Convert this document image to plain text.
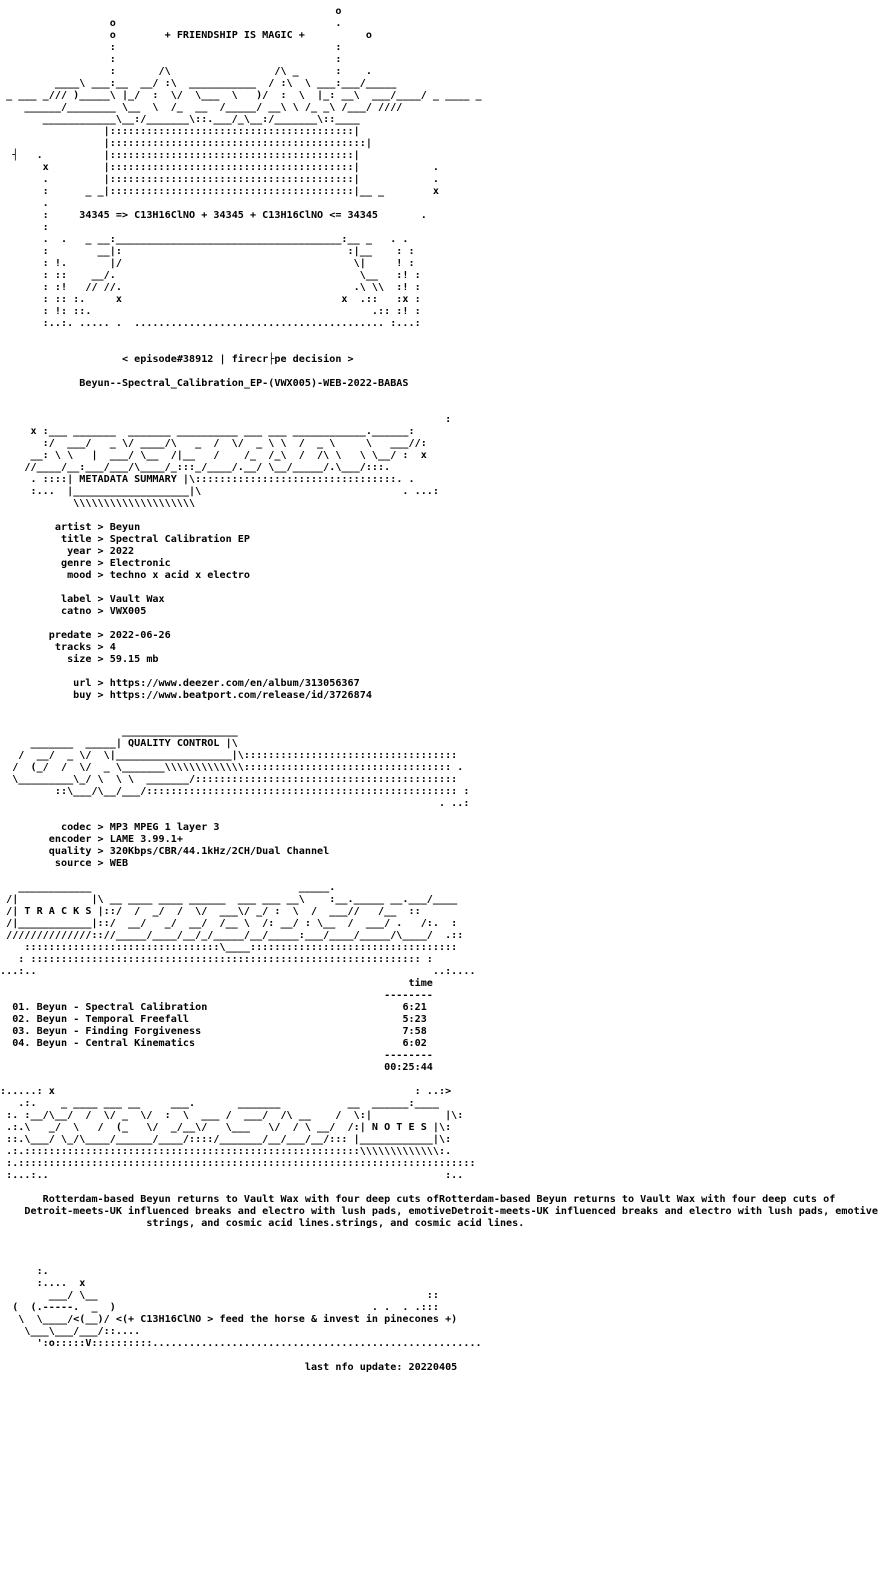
o
o                                    .
o	+ FRIENDSHIP IS MAGIC +	o
:                                    :
:                                    :
:       /\                 /\ _      :    .
____\ ___:__  __/ :\  ___________  / :\  \ ___:___/_____
_ ___ _/// )_____\ |_/  :  \/  \___  \   )/  :  \  |_: __\  ___/____/ _ ____ _
______/________ \__  \  /_  __  /_____/ __\ \ /_ _\ /___/ ////
____________\__:/_______\::.___/_\__:/_______\::____
|::::::::::::::::::::::::::::::::::::::::|
|::::::::::::::::::::::::::::::::::::::::::|
┤   .          |::::::::::::::::::::::::::::::::::::::::|
x         |::::::::::::::::::::::::::::::::::::::::|            .
.         |::::::::::::::::::::::::::::::::::::::::|            .
:      _ _|::::::::::::::::::::::::::::::::::::::::|__ _        x
.
:	34345 => C13H16ClNO + 34345 + C13H16ClNO <= 34345	.
:
.  .   _ __:_____________________________________:__ _   . .
:        __|:                                     :|__    : :
: !.       |/                                      \|     ! :
: ::    __/.                                        \__   :! :
: :!   // //.                                      .\ \\  :! :
: :: :.     x                                    x  .::   :x :
: !: ::.                                              .:: :! :
:..:. ..... .  ......................................... :...:

< episode#38912 | firecr├pe decision >

Beyun--Spectral_Calibration_EP-(VWX005)-WEB-2022-BABAS

:
x :___ _______  _______ __________ ___ ___ ____________.______:
:/  ___/   _ \/ ____/\   _  /  \/  _ \ \  /  _ \     \   ___//:
__: \ \   |  ___/ \__  /|__   /    /_  /_\  /  /\ \   \ \__/ :  x
//____/__:___/___/\____/_:::_/____/.__/ \__/_____/.\___/:::.
. ::::| METADATA SUMMARY |\:::::::::::::::::::::::::::::::::. .
:...  |___________________|\                                 . ...:
\\\\\\\\\\\\\\\\\\\\

artist > Beyun
title > Spectral Calibration EP
year > 2022
genre > Electronic
mood > techno x acid x electro

label > Vault Wax
catno > VWX005

predate > 2022-06-26
tracks > 4
size > 59.15 mb

url > https://www.deezer.com/en/album/313056367
buy > https://www.beatport.com/release/id/3726874

___________________
_______  _____| QUALITY CONTROL |\
/  __/  _ \/  \|___________________|\:::::::::::::::::::::::::::::::::::
/  (_/  /  \/  _ \_______\\\\\\\\\\\\\:::::::::::::::::::::::::::::::::: .
\_________\_/ \  \ \  _______/:::::::::::::::::::::::::::::::::::::::::::
::\___/\__/___/::::::::::::::::::::::::::::::::::::::::::::::::::: :
. ..:

codec > MP3 MPEG 1 layer 3
encoder > LAME 3.99.1+
quality > 320Kbps/CBR/44.1kHz/2CH/Dual Channel
source > WEB

____________                                  _____.
/|            |\ __ ____ ____ ______  ___ ___ __\    :__._____ __.___/____
/| T R A C K S |::/  /  _/  /  \/  ___\/ _/ :  \  /  ___//   /__  ::
/|____________|::/  __/   _/  __/  /__ \  /: __/ : \__  /  ___/ .   /:.  :
//////////////:://_____/____/__/_/_____/__/_____:___/____/_____/\____/  .::
::::::::::::::::::::::::::::::::\____::::::::::::::::::::::::::::::::::
: :::::::::::::::::::::::::::::::::::::::::::::::::::::::::::::::: :
...:..                                                                 ..:....
time
--------
01. Beyun - Spectral Calibration	6:21
02. Beyun - Temporal Freefall	5:23
03. Beyun - Finding Forgiveness	7:58
04. Beyun - Central Kinematics	6:02
--------
00:25:44

:.....: x                                                           : ..:>
.:.    _ ____ ___ __     ___.       _______           __  ______:____
:. :__/\__/  /  \/ _  \/  :  \  ___ /  ___/  /\ __    /  \:|            |\:
.:.\   _/  \   /  (_   \/  _/__\/   \___   \/  / \ __/  /:| N O T E S |\:
::.\___/ \_/\____/______/____/::::/_______/__/___/__/::: |____________|\:
.:.:::::::::::::::::::::::::::::::::::::::::::::::::::::::\\\\\\\\\\\\\:.
:.:::::::::::::::::::::::::::::::::::::::::::::::::::::::::::::::::::::::::::
:...:..                                                                 :..

Rotterdam-based Beyun returns to Vault Wax with four deep cuts ofRotterdam-based Beyun returns to Vault Wax with four deep cuts of
Detroit-meets-UK influenced breaks and electro with lush pads, emotiveDetroit-meets-UK influenced breaks and electro with lush pads, emotive
strings, and cosmic acid lines.strings, and cosmic acid lines.

:.
:....  x
___/ \__                                                      ::
(  (.-----.  _  )                                          . .  . .:::
\  \____/<(__)/ <(+ C13H16ClNO > feed the horse & invest in pinecones +)
\___\___/___/::....
':o:::::V::::::::::......................................................

last nfo update: 20220405
